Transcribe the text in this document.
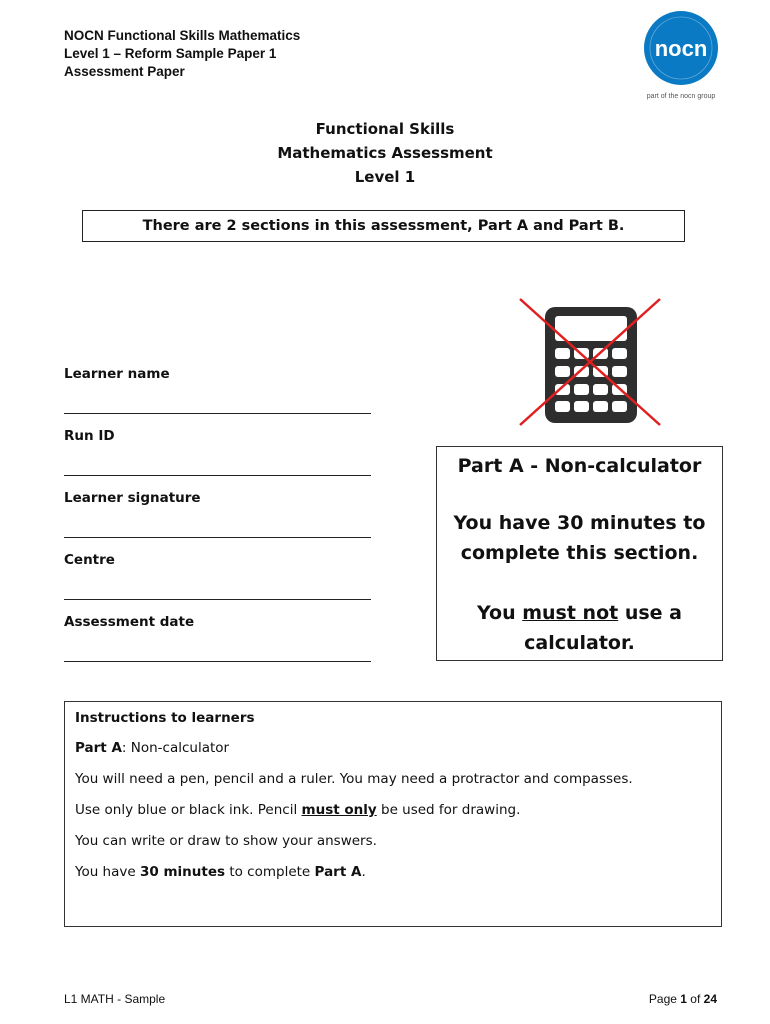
NOCN Functional Skills Mathematics
Level 1 – Reform Sample Paper 1
Assessment Paper
nocn
part of the nocn group
Functional Skills
Mathematics Assessment
Level 1
There are 2 sections in this assessment, Part A and Part B.
Learner name
Run ID
Learner signature
Centre
Assessment date
Part A - Non-calculator
You have 30 minutes to
complete this section.
You must not use a
calculator.

Instructions to learners

Part A: Non-calculator

You will need a pen, pencil and a ruler. You may need a protractor and compasses.

Use only blue or black ink. Pencil must only be used for drawing.

You can write or draw to show your answers.

You have 30 minutes to complete Part A.

L1 MATH - Sample	Page 1 of 24
